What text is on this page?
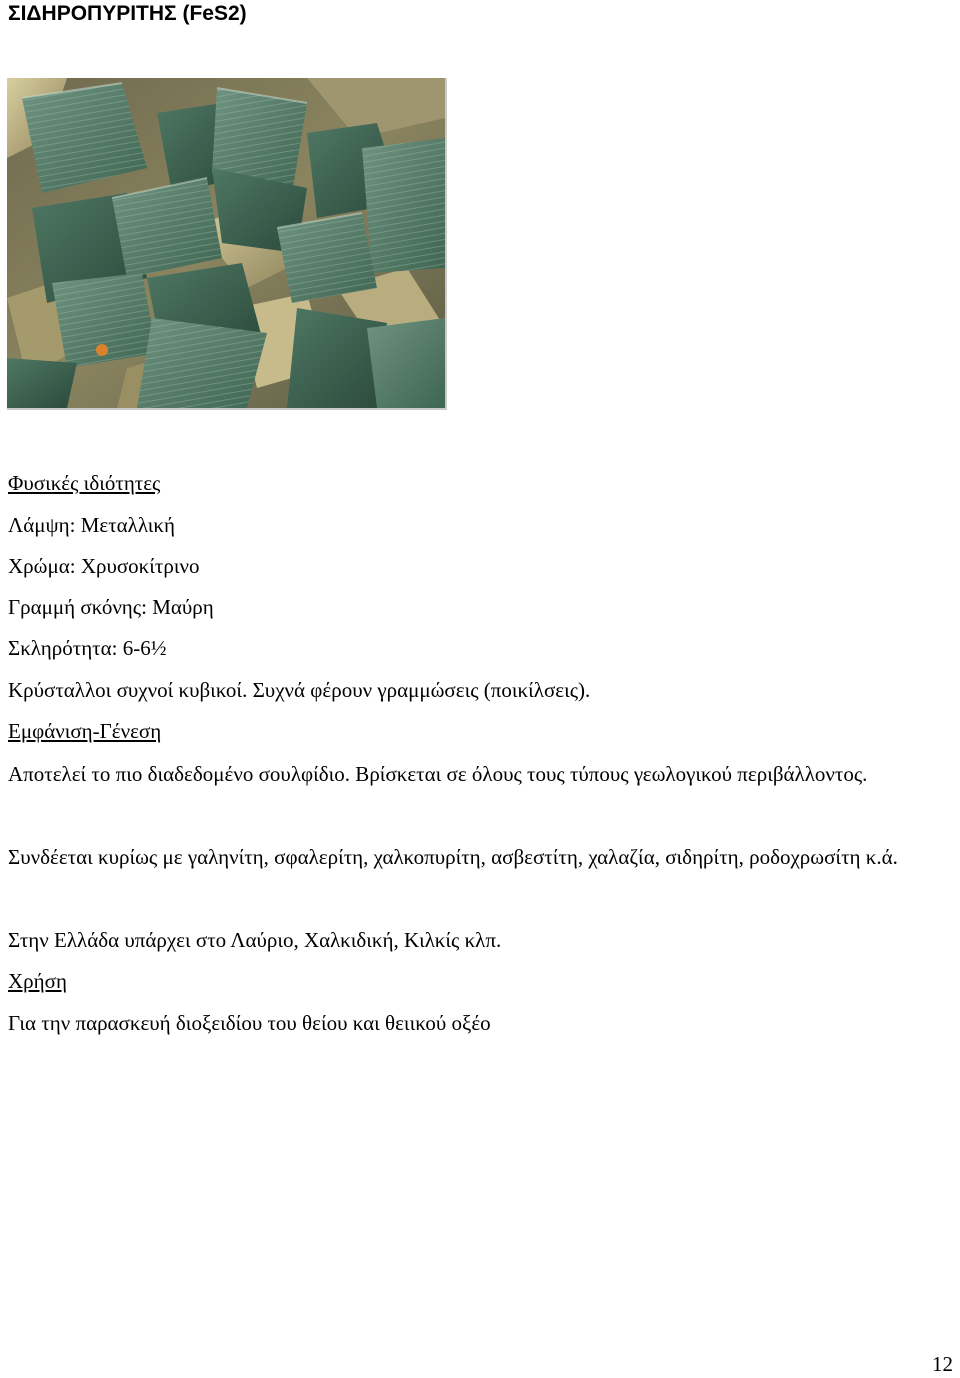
ΣΙΔΗΡΟΠΥΡΙΤΗΣ (FeS2)

Φυσικές ιδιότητες

Λάμψη: Μεταλλική

Χρώμα: Χρυσοκίτρινο

Γραμμή σκόνης: Μαύρη

Σκληρότητα: 6-6½

Κρύσταλλοι συχνοί κυβικοί. Συχνά φέρουν γραμμώσεις (ποικίλσεις).

Εμφάνιση-Γένεση

Αποτελεί το πιο διαδεδομένο σουλφίδιο. Βρίσκεται σε όλους τους τύπους γεωλογικού περιβάλλοντος.

Συνδέεται κυρίως με γαληνίτη, σφαλερίτη, χαλκοπυρίτη, ασβεστίτη, χαλαζία, σιδηρίτη, ροδοχρωσίτη κ.ά.

Στην Ελλάδα υπάρχει στο Λαύριο, Χαλκιδική, Κιλκίς κλπ.

Χρήση

Για την παρασκευή διοξειδίου του θείου και θειικού οξέο

12
